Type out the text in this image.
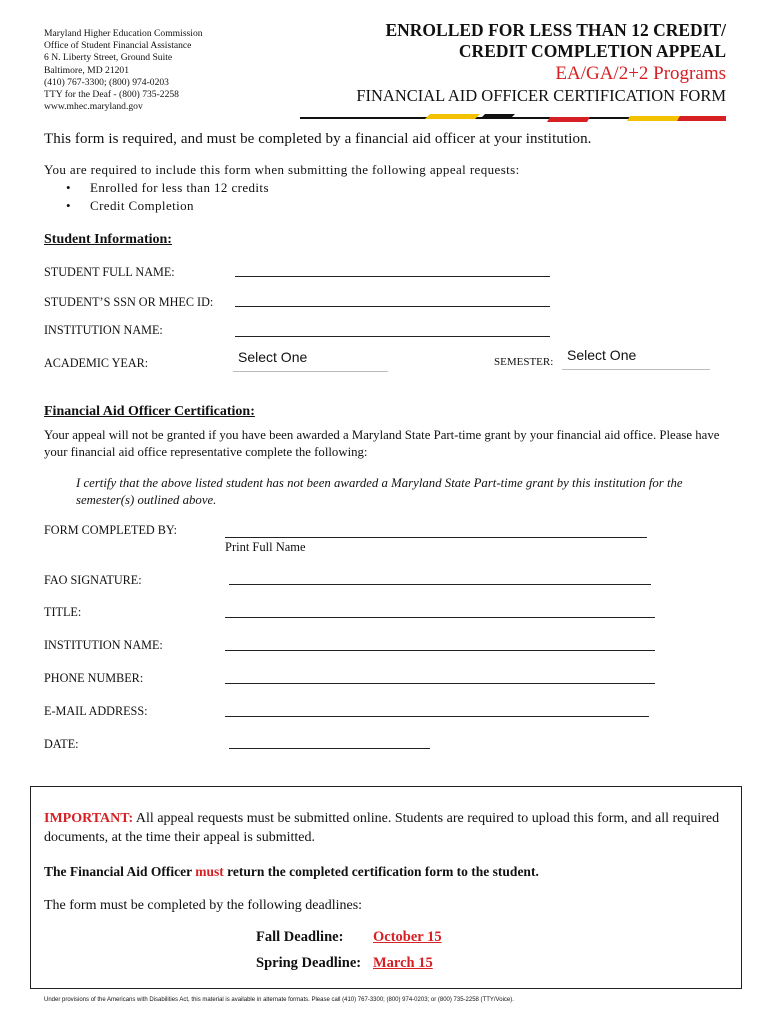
Maryland Higher Education Commission
Office of Student Financial Assistance
6 N. Liberty Street, Ground Suite
Baltimore, MD 21201
(410) 767-3300; (800) 974-0203
TTY for the Deaf - (800) 735-2258
www.mhec.maryland.gov
ENROLLED FOR LESS THAN 12 CREDIT/
CREDIT COMPLETION APPEAL
EA/GA/2+2 Programs
FINANCIAL AID OFFICER CERTIFICATION FORM
This form is required, and must be completed by a financial aid officer at your institution.
You are required to include this form when submitting the following appeal requests:
• Enrolled for less than 12 credits
• Credit Completion
Student Information:
STUDENT FULL NAME:
STUDENT’S SSN OR MHEC ID:
INSTITUTION NAME:
ACADEMIC YEAR:	Select One	SEMESTER: Select One
Financial Aid Officer Certification:
Your appeal will not be granted if you have been awarded a Maryland State Part-time grant by your financial aid office. Please have your financial aid office representative complete the following:
I certify that the above listed student has not been awarded a Maryland State Part-time grant by this institution for the semester(s) outlined above.
FORM COMPLETED BY:
Print Full Name
FAO SIGNATURE:
TITLE:
INSTITUTION NAME:
PHONE NUMBER:
E-MAIL ADDRESS:
DATE:
IMPORTANT: All appeal requests must be submitted online. Students are required to upload this form, and all required documents, at the time their appeal is submitted.
The Financial Aid Officer must return the completed certification form to the student.
The form must be completed by the following deadlines:
Fall Deadline: October 15
Spring Deadline: March 15
Under provisions of the Americans with Disabilities Act, this material is available in alternate formats. Please call (410) 767-3300; (800) 974-0203; or (800) 735-2258 (TTY/Voice).
